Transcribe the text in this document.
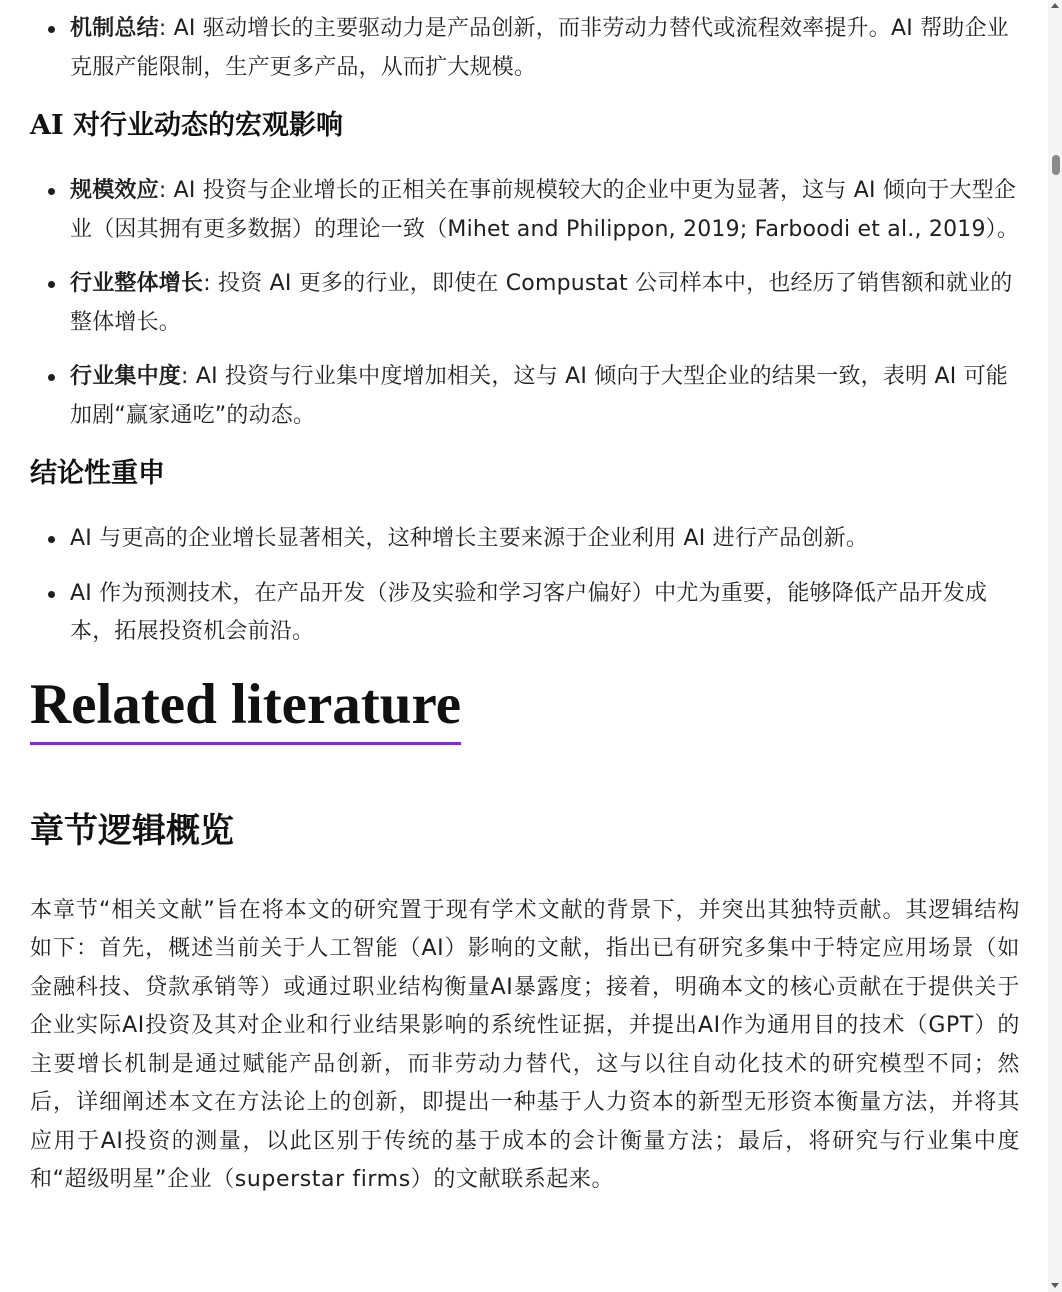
机制总结: AI 驱动增长的主要驱动力是产品创新，而非劳动力替代或流程效率提升。AI 帮助企业克服产能限制，生产更多产品，从而扩大规模。
AI 对行业动态的宏观影响
规模效应: AI 投资与企业增长的正相关在事前规模较大的企业中更为显著，这与 AI 倾向于大型企业（因其拥有更多数据）的理论一致（Mihet and Philippon, 2019; Farboodi et al., 2019）。
行业整体增长: 投资 AI 更多的行业，即使在 Compustat 公司样本中，也经历了销售额和就业的整体增长。
行业集中度: AI 投资与行业集中度增加相关，这与 AI 倾向于大型企业的结果一致，表明 AI 可能加剧“赢家通吃”的动态。
结论性重申
AI 与更高的企业增长显著相关，这种增长主要来源于企业利用 AI 进行产品创新。
AI 作为预测技术，在产品开发（涉及实验和学习客户偏好）中尤为重要，能够降低产品开发成本，拓展投资机会前沿。
Related literature
章节逻辑概览

本章节“相关文献”旨在将本文的研究置于现有学术文献的背景下，并突出其独特贡献。其逻辑结构如下：首先，概述当前关于人工智能（AI）影响的文献，指出已有研究多集中于特定应用场景（如金融科技、贷款承销等）或通过职业结构衡量AI暴露度；接着，明确本文的核心贡献在于提供关于企业实际AI投资及其对企业和行业结果影响的系统性证据，并提出AI作为通用目的技术（GPT）的主要增长机制是通过赋能产品创新，而非劳动力替代，这与以往自动化技术的研究模型不同；然后，详细阐述本文在方法论上的创新，即提出一种基于人力资本的新型无形资本衡量方法，并将其应用于AI投资的测量，以此区别于传统的基于成本的会计衡量方法；最后，将研究与行业集中度和“超级明星”企业（superstar firms）的文献联系起来。
